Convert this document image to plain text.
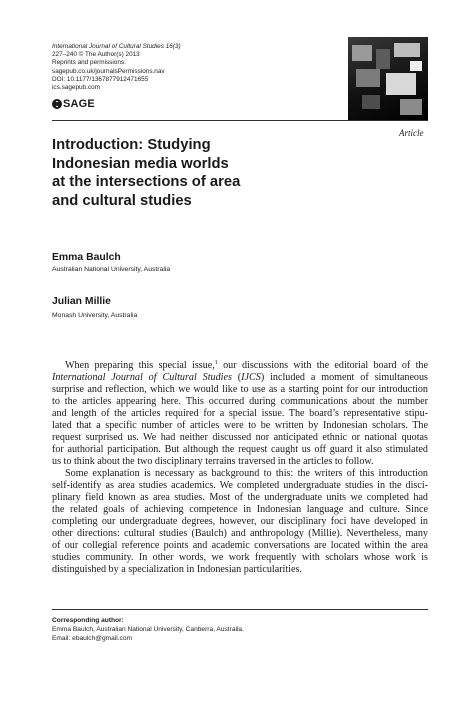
International Journal of Cultural Studies 16(3)
227–240 © The Author(s) 2013
Reprints and permissions:
sagepub.co.uk/journalsPermissions.nav
DOI: 10.1177/1367877912471655
ics.sagepub.com
SAGE
Article
Introduction: Studying
Indonesian media worlds
at the intersections of area
and cultural studies
Emma Baulch
Australian National University, Australia
Julian Millie
Monash University, Australia
When preparing this special issue,$^1$ our discussions with the editorial board of the
International Journal of Cultural Studies (IJCS) included a moment of simultaneous
surprise and reflection, which we would like to use as a starting point for our introduction
to the articles appearing here. This occurred during communications about the number
and length of the articles required for a special issue. The board’s representative stipu-
lated that a specific number of articles were to be written by Indonesian scholars. The
request surprised us. We had neither discussed nor anticipated ethnic or national quotas
for authorial participation. But although the request caught us off guard it also stimulated
us to think about the two disciplinary terrains traversed in the articles to follow.
Some explanation is necessary as background to this: the writers of this introduction
self-identify as area studies academics. We completed undergraduate studies in the disci-
plinary field known as area studies. Most of the undergraduate units we completed had
the related goals of achieving competence in Indonesian language and culture. Since
completing our undergraduate degrees, however, our disciplinary foci have developed in
other directions: cultural studies (Baulch) and anthropology (Millie). Nevertheless, many
of our collegial reference points and academic conversations are located within the area
studies community. In other words, we work frequently with scholars whose work is
distinguished by a specialization in Indonesian particularities.
Corresponding author:
Emma Baulch, Australian National University, Canberra, Australia.
Email: ebaulch@gmail.com
